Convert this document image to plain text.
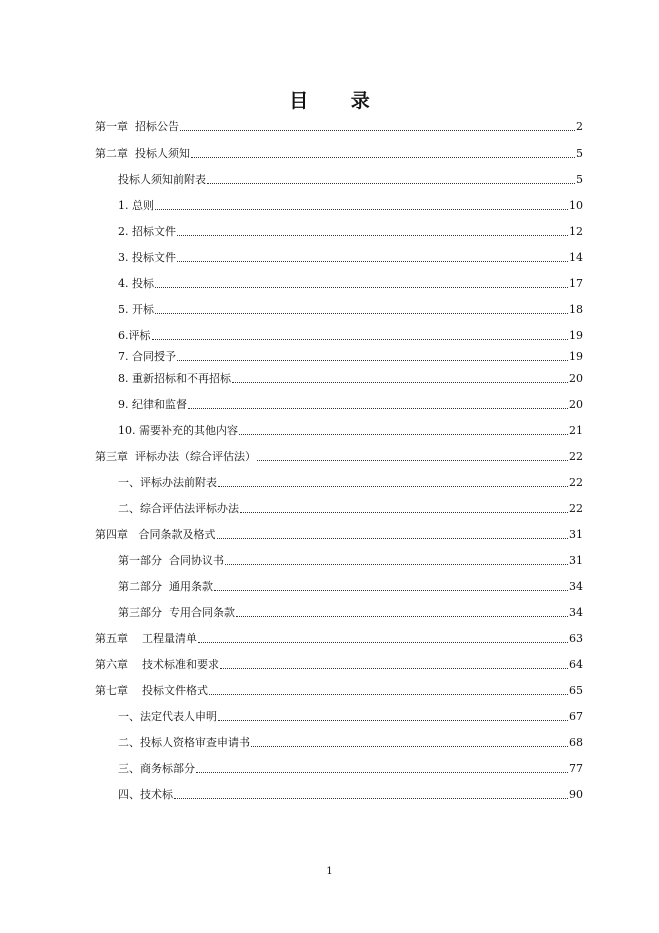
目 录
第一章  招标公告	2
第二章  投标人须知	5
投标人须知前附表	5
1. 总则	10
2. 招标文件	12
3. 投标文件	14
4. 投标	17
5. 开标	18
6.评标	19
7. 合同授予	19
8. 重新招标和不再招标	20
9. 纪律和监督	20
10. 需要补充的其他内容	21
第三章  评标办法（综合评估法）	22
一、评标办法前附表	22
二、综合评估法评标办法	22
第四章   合同条款及格式	31
第一部分  合同协议书	31
第二部分  通用条款	34
第三部分  专用合同条款	34
第五章    工程量清单	63
第六章    技术标准和要求	64
第七章    投标文件格式	65
一、法定代表人申明	67
二、投标人资格审查申请书	68
三、商务标部分	77
四、技术标	90
1
